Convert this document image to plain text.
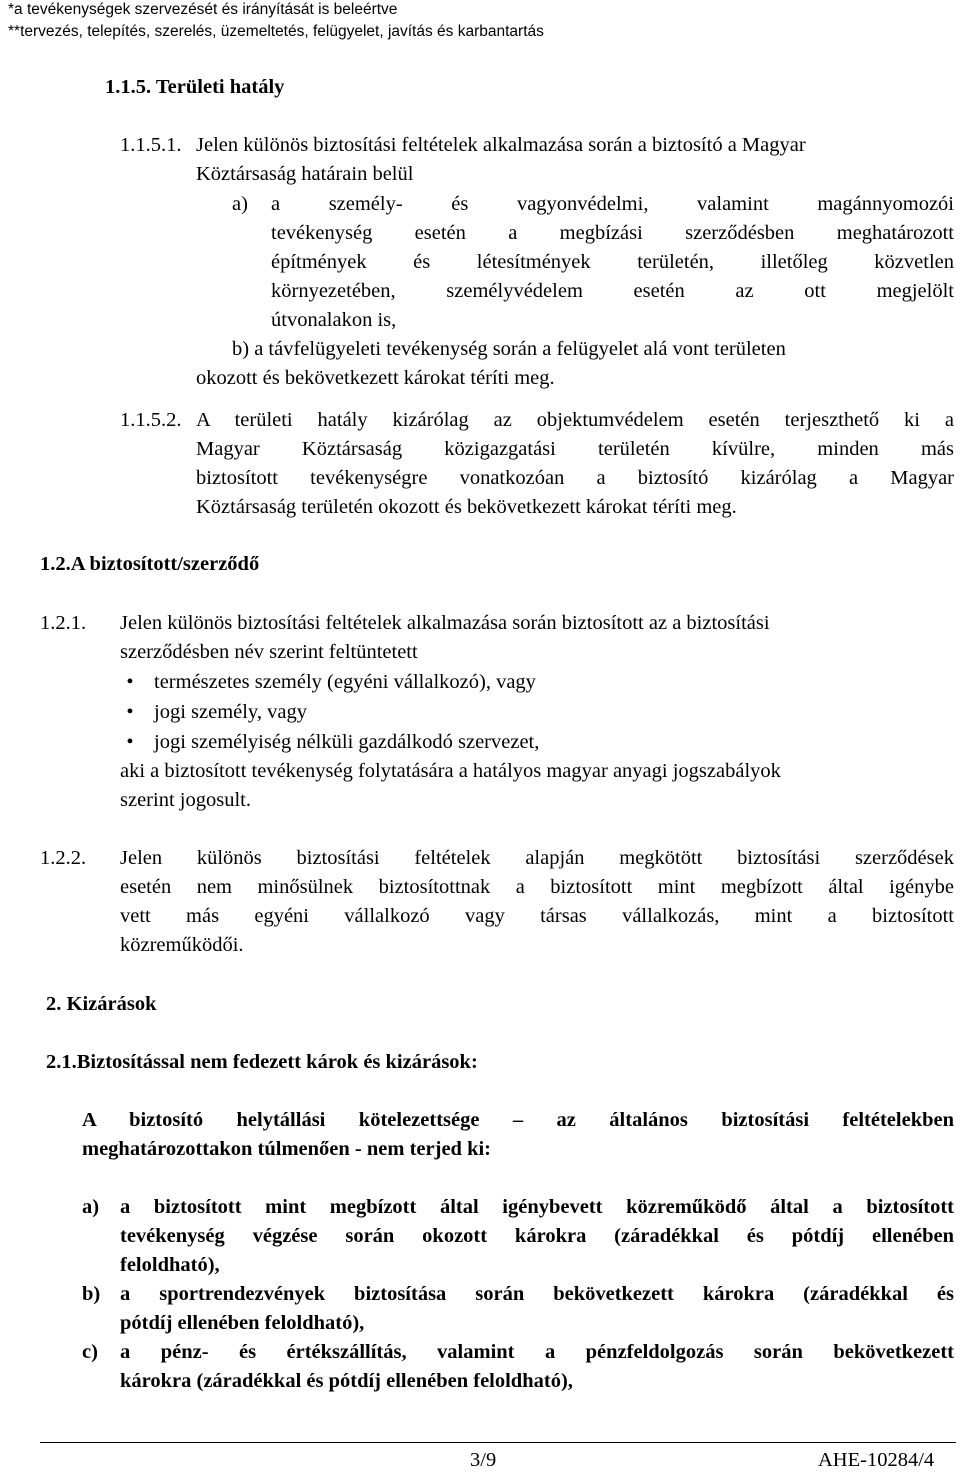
*a tevékenységek szervezését és irányítását is beleértve
**tervezés, telepítés, szerelés, üzemeltetés, felügyelet, javítás és karbantartás
1.1.5. Területi hatály
1.1.5.1. Jelen különös biztosítási feltételek alkalmazása során a biztosító a Magyar
Köztársaság határain belül
a) a személy- és vagyonvédelmi, valamint magánnyomozói
tevékenység esetén a megbízási szerződésben meghatározott
építmények és létesítmények területén, illetőleg közvetlen
környezetében, személyvédelem esetén az ott megjelölt
útvonalakon is,
b) a távfelügyeleti tevékenység során a felügyelet alá vont területen
okozott és bekövetkezett károkat téríti meg.
1.1.5.2. A területi hatály kizárólag az objektumvédelem esetén terjeszthető ki a
Magyar Köztársaság közigazgatási területén kívülre, minden más
biztosított tevékenységre vonatkozóan a biztosító kizárólag a Magyar
Köztársaság területén okozott és bekövetkezett károkat téríti meg.
1.2.A biztosított/szerződő
1.2.1. Jelen különös biztosítási feltételek alkalmazása során biztosított az a biztosítási
szerződésben név szerint feltüntetett
• természetes személy (egyéni vállalkozó), vagy
• jogi személy, vagy
• jogi személyiség nélküli gazdálkodó szervezet,
aki a biztosított tevékenység folytatására a hatályos magyar anyagi jogszabályok
szerint jogosult.
1.2.2. Jelen különös biztosítási feltételek alapján megkötött biztosítási szerződések
esetén nem minősülnek biztosítottnak a biztosított mint megbízott által igénybe
vett más egyéni vállalkozó vagy társas vállalkozás, mint a biztosított
közreműködői.
2. Kizárások
2.1.Biztosítással nem fedezett károk és kizárások:
A biztosító helytállási kötelezettsége – az általános biztosítási feltételekben
meghatározottakon túlmenően - nem terjed ki:
a) a biztosított mint megbízott által igénybevett közreműködő által a biztosított
tevékenység végzése során okozott károkra (záradékkal és pótdíj ellenében
feloldható),
b) a sportrendezvények biztosítása során bekövetkezett károkra (záradékkal és
pótdíj ellenében feloldható),
c) a pénz- és értékszállítás, valamint a pénzfeldolgozás során bekövetkezett
károkra (záradékkal és pótdíj ellenében feloldható),
3/9	AHE-10284/4
